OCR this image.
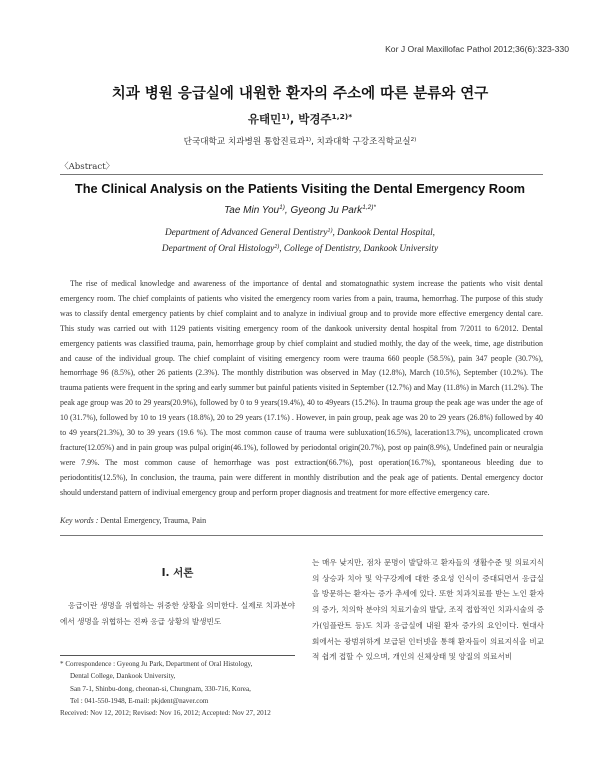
Kor J Oral Maxillofac Pathol 2012;36(6):323-330
치과 병원 응급실에 내원한 환자의 주소에 따른 분류와 연구
유태민$^{1)}$, 박경주$^{1,2)*}$
단국대학교 치과병원 통합진료과$^{1)}$, 치과대학 구강조직학교실$^{2)}$
〈Abstract〉
The Clinical Analysis on the Patients Visiting the Dental Emergency Room
Tae Min You$^{1)}$, Gyeong Ju Park$^{1,2)*}$
Department of Advanced General Dentistry$^{1)}$, Dankook Dental Hospital,
Department of Oral Histology$^{2)}$, College of Dentistry, Dankook University

The rise of medical knowledge and awareness of the importance of dental and stomatognathic system increase the patients who visit dental emergency room. The chief complaints of patients who visited the emergency room varies from a pain, trauma, hemorrhag. The purpose of this study was to classify dental emergency patients by chief complaint and to analyze in indiviual group and to provide more effective emergency dental care. This study was carried out with 1129 patients visiting emergency room of the dankook university dental hospital from 7/2011 to 6/2012. Dental emergency patients was classified trauma, pain, hemorrhage group by chief complaint and studied mothly, the day of the week, time, age distribution and cause of the individual group. The chief complaint of visiting emergency room were trauma 660 people (58.5%), pain 347 people (30.7%), hemorrhage 96 (8.5%), other 26 patients (2.3%). The monthly distribution was observed in May (12.8%), March (10.5%), September (10.2%). The trauma patients were frequent in the spring and early summer but painful patients visited in September (12.7%) and May (11.8%) in March (11.2%). The peak age group was 20 to 29 years(20.9%), followed by 0 to 9 years(19.4%), 40 to 49years (15.2%). In trauma group the peak age was under the age of 10 (31.7%), followed by 10 to 19 years (18.8%), 20 to 29 years (17.1%) . However, in pain group, peak age was 20 to 29 years (26.8%) followed by 40 to 49 years(21.3%), 30 to 39 years (19.6 %). The most common cause of trauma were subluxation(16.5%), laceration13.7%), uncomplicated crown fracture(12.05%) and in pain group was pulpal origin(46.1%), followed by periodontal origin(20.7%), post op pain(8.9%), Undefined pain or neuralgia were 7.9%. The most common cause of hemorrhage was post extraction(66.7%), post operation(16.7%), spontaneous bleeding due to periodontitis(12.5%), In conclusion, the trauma, pain were different in monthly distribution and the peak age of patients. Dental emergency doctor should understand pattern of indiviual emergency group and perform proper diagnosis and treatment for more effective emergency care.

Key words : Dental Emergency, Trauma, Pain
Ⅰ. 서론

응급이란 생명을 위협하는 위중한 상황을 의미한다. 실제로 치과분야에서 생명을 위협하는 진짜 응급 상황의 발생빈도

* Correspondence : Gyeong Ju Park, Department of Oral Histology,
Dental College, Dankook University,
San 7-1, Shinbu-dong, cheonan-si, Chungnam, 330-716, Korea,
Tel : 041-550-1948, E-mail: pkjdent@naver.com
Received: Nov 12, 2012; Revised: Nov 16, 2012; Accepted: Nov 27, 2012

는 매우 낮지만, 점차 문명이 발달하고 환자들의 생활수준 및 의료지식의 상승과 치아 및 악구강계에 대한 중요성 인식이 증대되면서 응급실을 방문하는 환자는 증가 추세에 있다. 또한 치과치료를 받는 노인 환자의 증가, 치의학 분야의 치료기술의 발달, 조직 접합적인 치과시술의 증가(임플란트 등)도 치과 응급실에 내원 환자 증가의 요인이다. 현대사회에서는 광범위하게 보급된 인터넷을 통해 환자들이 의료지식을 비교적 쉽게 접할 수 있으며, 개인의 신체상태 및 양질의 의료서비
